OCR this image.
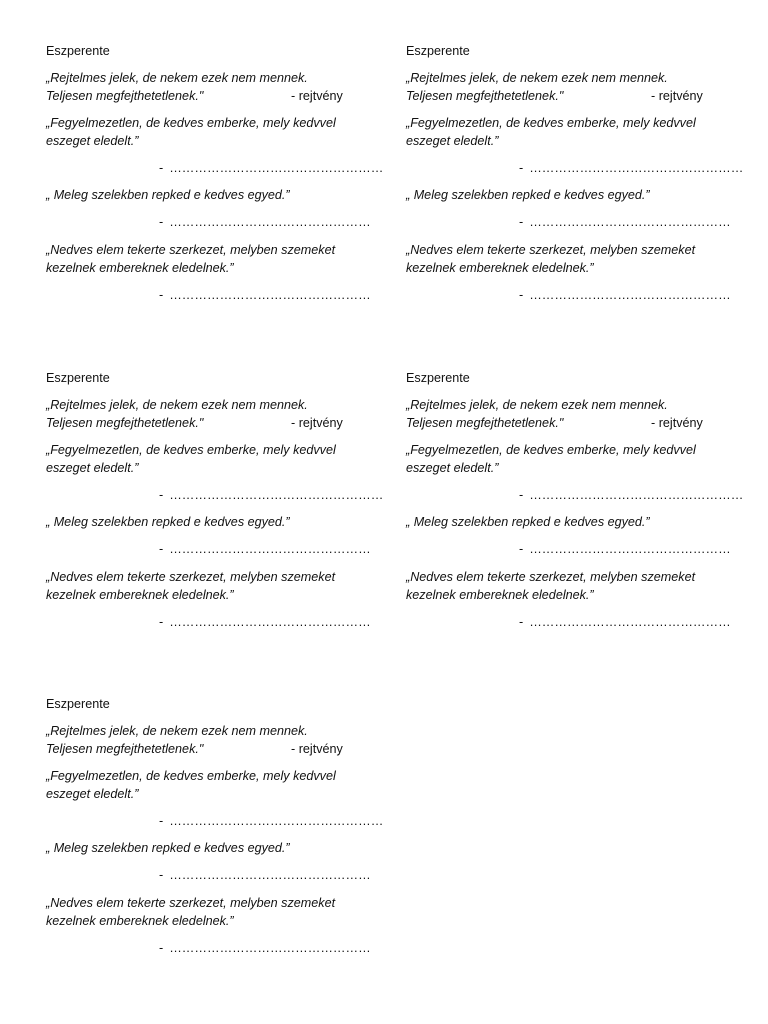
Eszperente
„Rejtelmes jelek, de nekem ezek nem mennek.
Teljesen megfejthetetlenek."	- rejtvény
„Fegyelmezetlen, de kedves emberke, mely kedvvel
eszeget eledelt.”
- ……………………………………………
„ Meleg szelekben repked e kedves egyed.”
- …………………………………………
„Nedves elem tekerte szerkezet, melyben szemeket
kezelnek embereknek eledelnek.”
- …………………………………………
Eszperente
„Rejtelmes jelek, de nekem ezek nem mennek.
Teljesen megfejthetetlenek."	- rejtvény
„Fegyelmezetlen, de kedves emberke, mely kedvvel
eszeget eledelt.”
- ……………………………………………
„ Meleg szelekben repked e kedves egyed.”
- …………………………………………
„Nedves elem tekerte szerkezet, melyben szemeket
kezelnek embereknek eledelnek.”
- …………………………………………
Eszperente
„Rejtelmes jelek, de nekem ezek nem mennek.
Teljesen megfejthetetlenek."	- rejtvény
„Fegyelmezetlen, de kedves emberke, mely kedvvel
eszeget eledelt.”
- ……………………………………………
„ Meleg szelekben repked e kedves egyed.”
- …………………………………………
„Nedves elem tekerte szerkezet, melyben szemeket
kezelnek embereknek eledelnek.”
- …………………………………………
Eszperente
„Rejtelmes jelek, de nekem ezek nem mennek.
Teljesen megfejthetetlenek."	- rejtvény
„Fegyelmezetlen, de kedves emberke, mely kedvvel
eszeget eledelt.”
- ……………………………………………
„ Meleg szelekben repked e kedves egyed.”
- …………………………………………
„Nedves elem tekerte szerkezet, melyben szemeket
kezelnek embereknek eledelnek.”
- …………………………………………
Eszperente
„Rejtelmes jelek, de nekem ezek nem mennek.
Teljesen megfejthetetlenek."	- rejtvény
„Fegyelmezetlen, de kedves emberke, mely kedvvel
eszeget eledelt.”
- ……………………………………………
„ Meleg szelekben repked e kedves egyed.”
- …………………………………………
„Nedves elem tekerte szerkezet, melyben szemeket
kezelnek embereknek eledelnek.”
- …………………………………………
